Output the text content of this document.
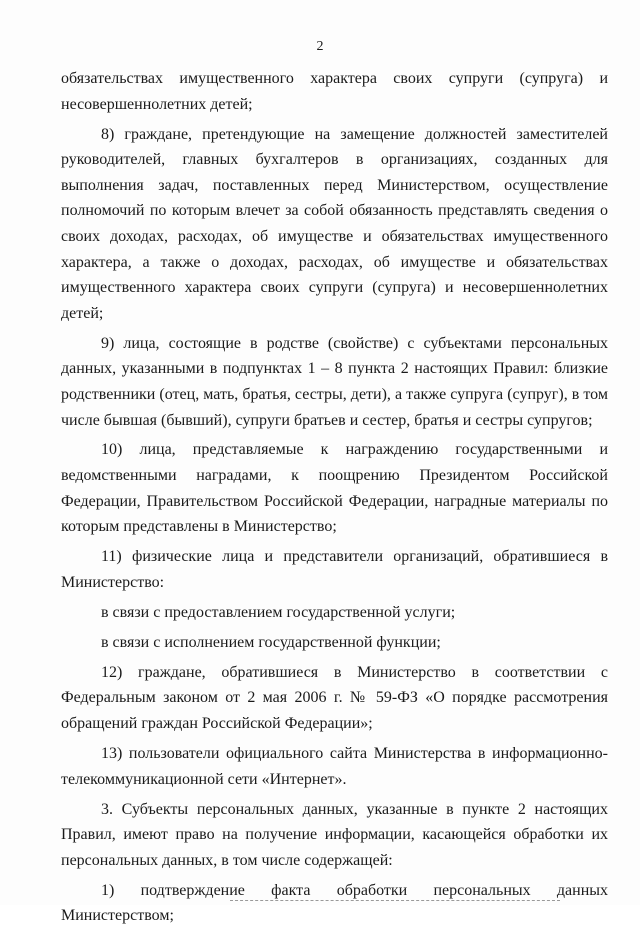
2

обязательствах имущественного характера своих супруги (супруга) и несовершеннолетних детей;

8) граждане, претендующие на замещение должностей заместителей руководителей, главных бухгалтеров в организациях, созданных для выполнения задач, поставленных перед Министерством, осуществление полномочий по которым влечет за собой обязанность представлять сведения о своих доходах, расходах, об имуществе и обязательствах имущественного характера, а также о доходах, расходах, об имуществе и обязательствах имущественного характера своих супруги (супруга) и несовершеннолетних детей;

9) лица, состоящие в родстве (свойстве) с субъектами персональных данных, указанными в подпунктах 1 – 8 пункта 2 настоящих Правил: близкие родственники (отец, мать, братья, сестры, дети), а также супруга (супруг), в том числе бывшая (бывший), супруги братьев и сестер, братья и сестры супругов;

10) лица, представляемые к награждению государственными и ведомственными наградами, к поощрению Президентом Российской Федерации, Правительством Российской Федерации, наградные материалы по которым представлены в Министерство;

11) физические лица и представители организаций, обратившиеся в Министерство:

в связи с предоставлением государственной услуги;

в связи с исполнением государственной функции;

12) граждане, обратившиеся в Министерство в соответствии с Федеральным законом от 2 мая 2006 г. № 59-ФЗ «О порядке рассмотрения обращений граждан Российской Федерации»;

13) пользователи официального сайта Министерства в информационно-телекоммуникационной сети «Интернет».

3. Субъекты персональных данных, указанные в пункте 2 настоящих Правил, имеют право на получение информации, касающейся обработки их персональных данных, в том числе содержащей:

1) подтверждение факта обработки персональных данных Министерством;
